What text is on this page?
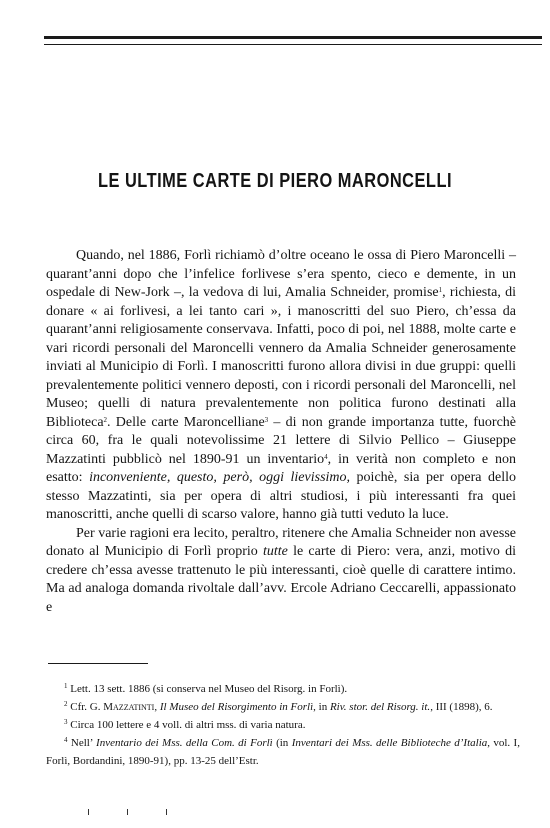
LE ULTIME CARTE DI PIERO MARONCELLI

Quando, nel 1886, Forlì richiamò d’oltre oceano le ossa di Piero Maroncelli – quarant’anni dopo che l’infelice forlivese s’era spento, cieco e demente, in un ospedale di New-Jork –, la vedova di lui, Amalia Schneider, promise$^1$, richiesta, di donare « ai forlivesi, a lei tanto cari », i manoscritti del suo Piero, ch’essa da quarant’anni religiosamente conservava. Infatti, poco di poi, nel 1888, molte carte e vari ricordi personali del Maroncelli vennero da Amalia Schneider generosamente inviati al Municipio di Forlì. I manoscritti furono allora divisi in due gruppi: quelli prevalentemente politici vennero deposti, con i ricordi personali del Maroncelli, nel Museo; quelli di natura prevalentemente non politica furono destinati alla Biblioteca$^2$. Delle carte Maroncelliane$^3$ – di non grande importanza tutte, fuorchè circa 60, fra le quali notevolissime 21 lettere di Silvio Pellico – Giuseppe Mazzatinti pubblicò nel 1890-91 un inventario$^4$, in verità non completo e non esatto: inconveniente, questo, però, oggi lievissimo, poichè, sia per opera dello stesso Mazzatinti, sia per opera di altri studiosi, i più interessanti fra quei manoscritti, anche quelli di scarso valore, hanno già tutti veduto la luce.

Per varie ragioni era lecito, peraltro, ritenere che Amalia Schneider non avesse donato al Municipio di Forlì proprio tutte le carte di Piero: vera, anzi, motivo di credere ch’essa avesse trattenuto le più interessanti, cioè quelle di carattere intimo. Ma ad analoga domanda rivoltale dall’avv. Ercole Adriano Ceccarelli, appassionato e

$^1$ Lett. 13 sett. 1886 (si conserva nel Museo del Risorg. in Forlì).
$^2$ Cfr. G. Mazzatinti, Il Museo del Risorgimento in Forlì, in Riv. stor. del Risorg. it., III (1898), 6.
$^3$ Circa 100 lettere e 4 voll. di altri mss. di varia natura.
$^4$ Nell’ Inventario dei Mss. della Com. di Forlì (in Inventari dei Mss. delle Biblioteche d’Italia, vol. I, Forlì, Bordandini, 1890-91), pp. 13-25 dell’Estr.
